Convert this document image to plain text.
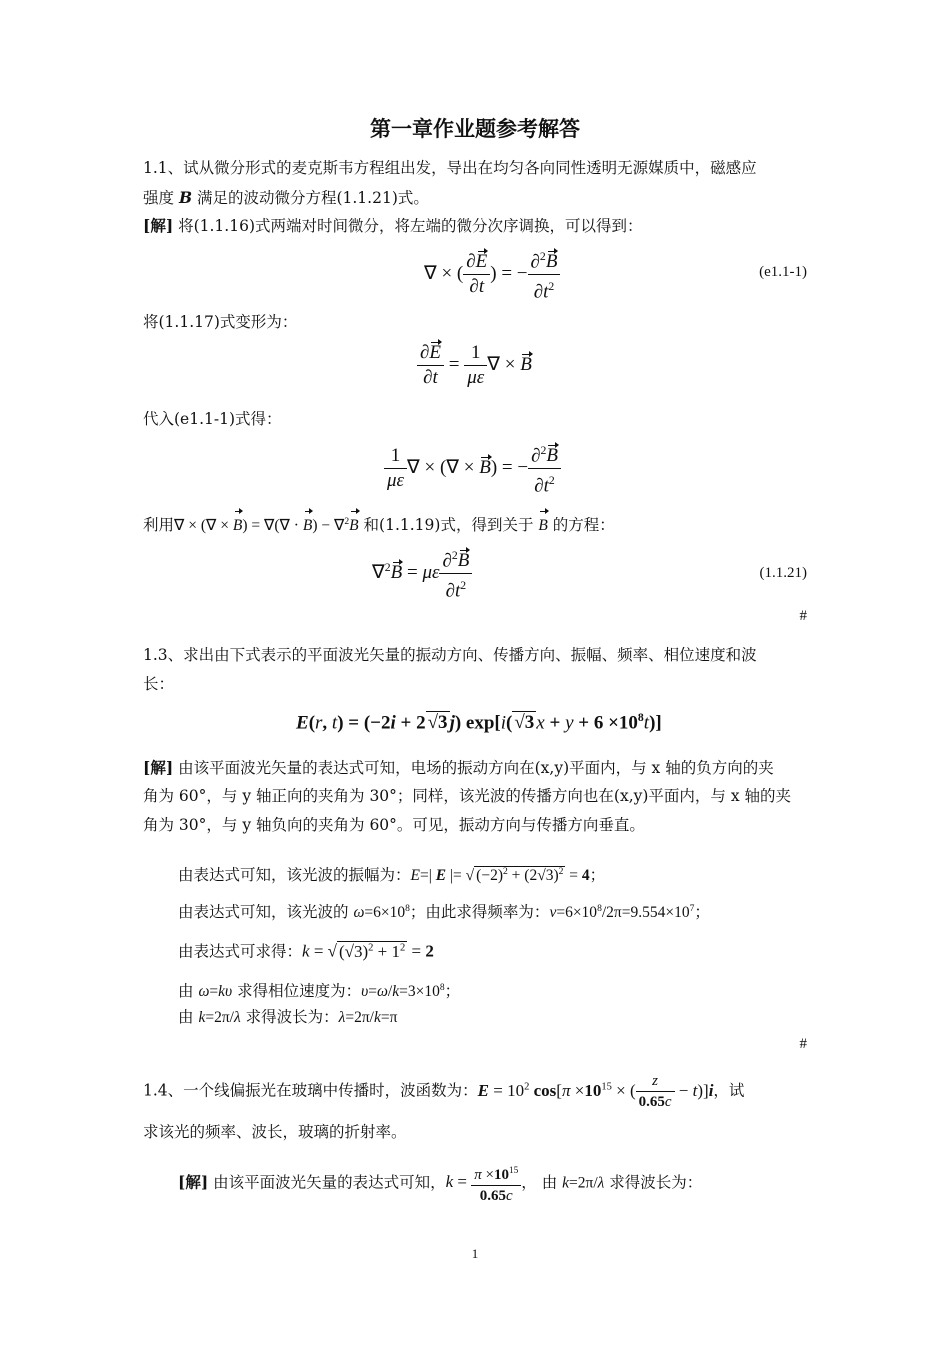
第一章作业题参考解答
1.1、试从微分形式的麦克斯韦方程组出发，导出在均匀各向同性透明无源媒质中，磁感应
强度 B 满足的波动微分方程(1.1.21)式。
[解] 将(1.1.16)式两端对时间微分，将左端的微分次序调换，可以得到：
∇ × ( $\frac{\partial E}{\partial t}$ ) = − $\frac{\partial^2B}{\partial t^2}$	(e1.1-1)
将(1.1.17)式变形为：
$\frac{\partial E}{\partial t} = \frac{1}{\mu\varepsilon}$ ∇ × B
代入(e1.1-1)式得：
$\frac{1}{\mu\varepsilon}$ ∇ × (∇ × B) = − $\frac{\partial^2B}{\partial t^2}$
利用∇ × (∇ × B) = ∇(∇ · B) − ∇$^2$B 和(1.1.19)式，得到关于 B 的方程：
∇$^2$B = με $\frac{\partial^2B}{\partial t^2}$	(1.1.21)
#
1.3、求出由下式表示的平面波光矢量的振动方向、传播方向、振幅、频率、相位速度和波
长：
E(r, t) = (−2i + 2 √3 j) exp[i( √3 $x + y + 6 \times 10^8t$)]
[解] 由该平面波光矢量的表达式可知，电场的振动方向在(x,y)平面内，与 x 轴的负方向的夹
角为 60°，与 y 轴正向的夹角为 30°；同样，该光波的传播方向也在(x,y)平面内，与 x 轴的夹
角为 30°，与 y 轴负向的夹角为 60°。可见，振动方向与传播方向垂直。
由表达式可知，该光波的振幅为：E=| E |= √ $(-2)^2 + (2√3)^2 = 4$；
由表达式可知，该光波的 $\omega=6\times 10^8$；由此求得频率为：$\nu=6\times 10^8/2\pi=9.554\times 10^7$；
由表达式可求得：k = √ $(√3)^2 + 1^2 = 2$
由 ω=kυ 求得相位速度为：$\upsilon=\omega/k=3\times 10^8$；
由 k=2π/λ 求得波长为：λ=2π/k=π
#
1.4、一个线偏振光在玻璃中传播时，波函数为：$E = 10^2$ $\cos[\pi \times 10^{15}$ × ( $\frac{z}{0.65c} - t)]i$，试
求该光的频率、波长，玻璃的折射率。
[解] 由该平面波光矢量的表达式可知，$k = \frac{\pi \times 10^{15}}{0.65c}$ ， 由 k=2π/λ 求得波长为：
1
